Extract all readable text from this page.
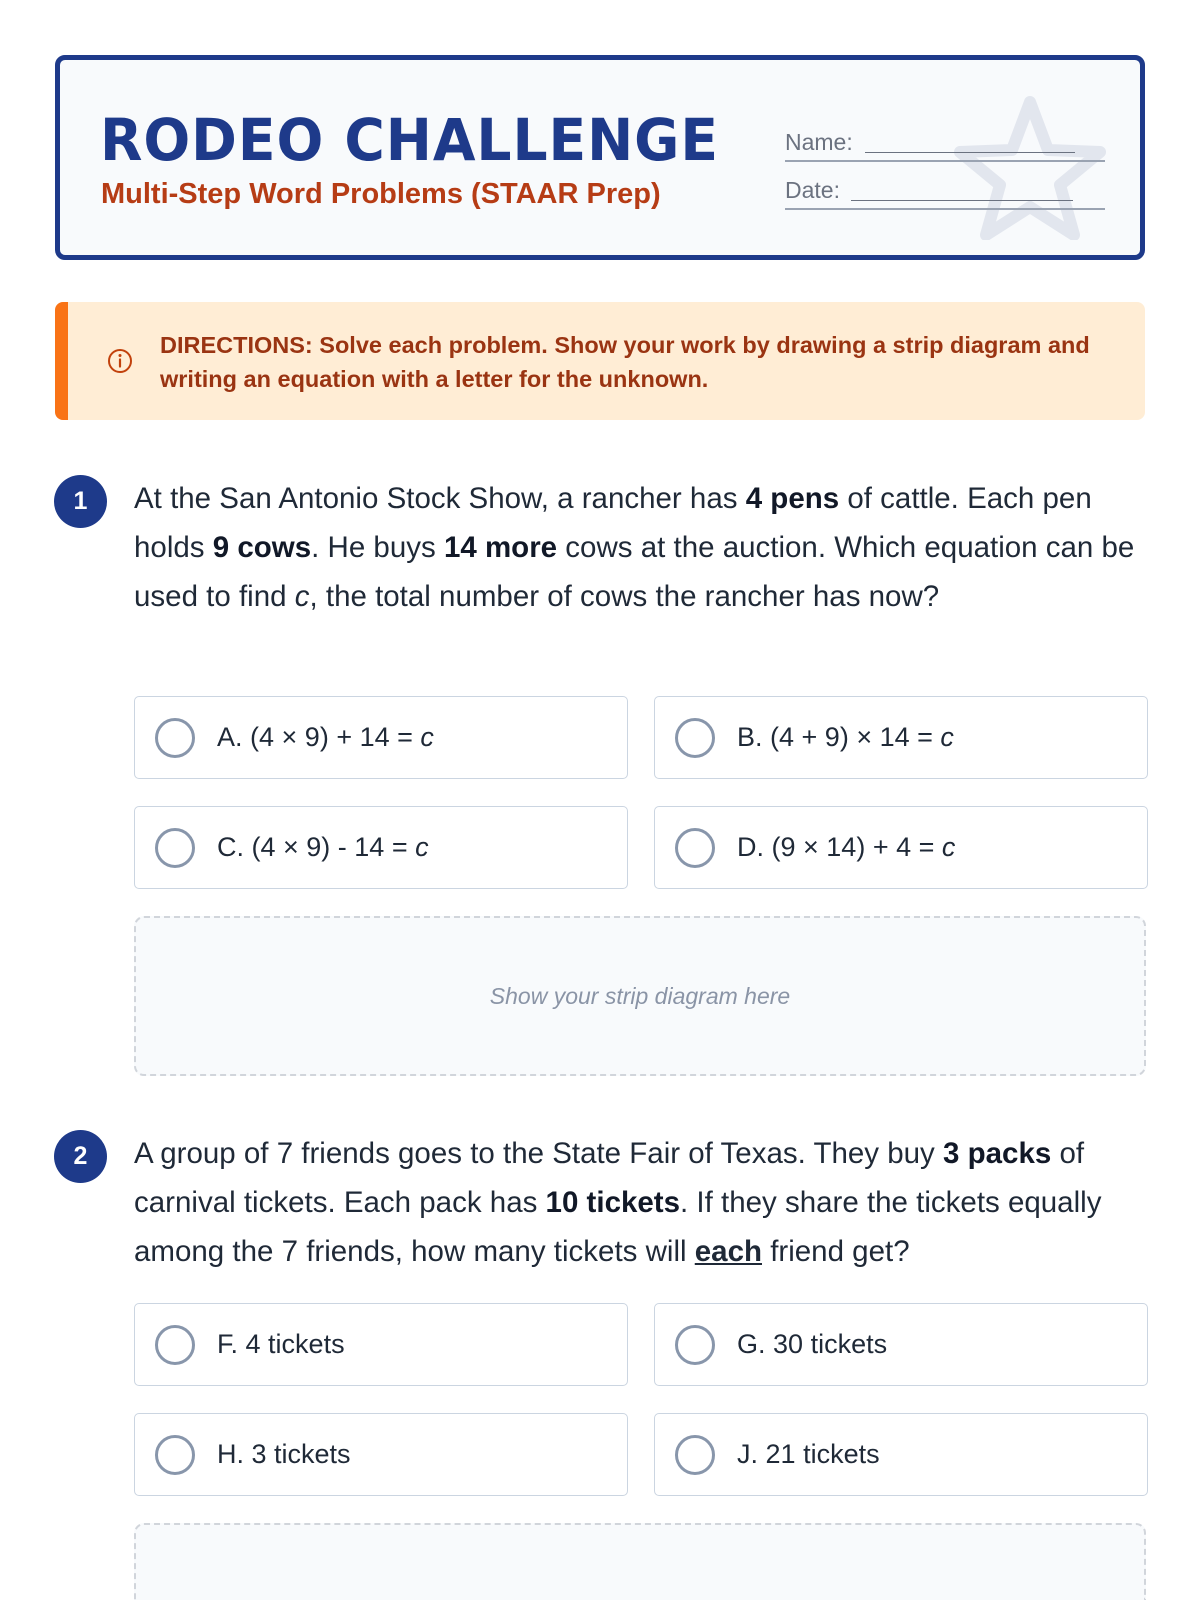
RODEO CHALLENGE
Multi-Step Word Problems (STAAR Prep)
Name:
Date:
DIRECTIONS: Solve each problem. Show your work by drawing a strip diagram and writing an equation with a letter for the unknown.
1	At the San Antonio Stock Show, a rancher has 4 pens of cattle. Each pen holds 9 cows. He buys 14 more cows at the auction. Which equation can be used to find c, the total number of cows the rancher has now?
A. (4 × 9) + 14 = c	B. (4 + 9) × 14 = c
C. (4 × 9) - 14 = c	D. (9 × 14) + 4 = c
Show your strip diagram here
2	A group of 7 friends goes to the State Fair of Texas. They buy 3 packs of carnival tickets. Each pack has 10 tickets. If they share the tickets equally among the 7 friends, how many tickets will each friend get?
F. 4 tickets	G. 30 tickets
H. 3 tickets	J. 21 tickets
